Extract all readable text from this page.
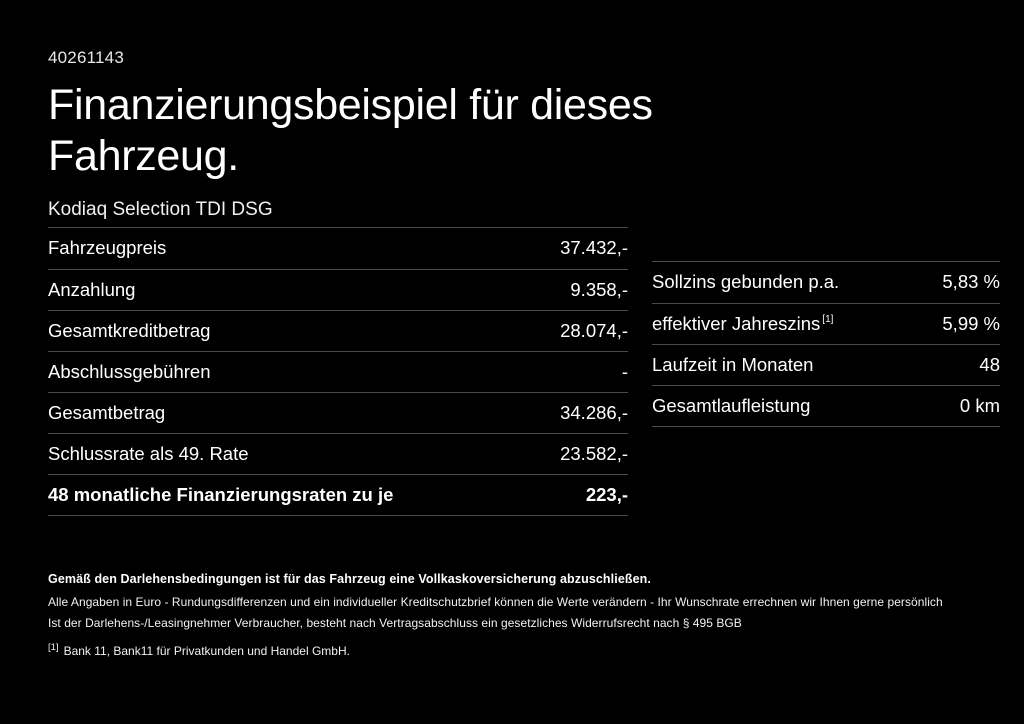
40261143
Finanzierungsbeispiel für dieses Fahrzeug.
Kodiaq Selection TDI DSG
Fahrzeugpreis	37.432,-
Anzahlung	9.358,-
Gesamtkreditbetrag	28.074,-
Abschlussgebühren	-
Gesamtbetrag	34.286,-
Schlussrate als 49. Rate	23.582,-
48 monatliche Finanzierungsraten zu je	223,-
Sollzins gebunden p.a.	5,83 %
effektiver Jahreszins [1]	5,99 %
Laufzeit in Monaten	48
Gesamtlaufleistung	0 km
Gemäß den Darlehensbedingungen ist für das Fahrzeug eine Vollkaskoversicherung abzuschließen.
Alle Angaben in Euro - Rundungsdifferenzen und ein individueller Kreditschutzbrief können die Werte verändern - Ihr Wunschrate errechnen wir Ihnen gerne persönlich
Ist der Darlehens-/Leasingnehmer Verbraucher, besteht nach Vertragsabschluss ein gesetzliches Widerrufsrecht nach § 495 BGB
[1] Bank 11, Bank11 für Privatkunden und Handel GmbH.
